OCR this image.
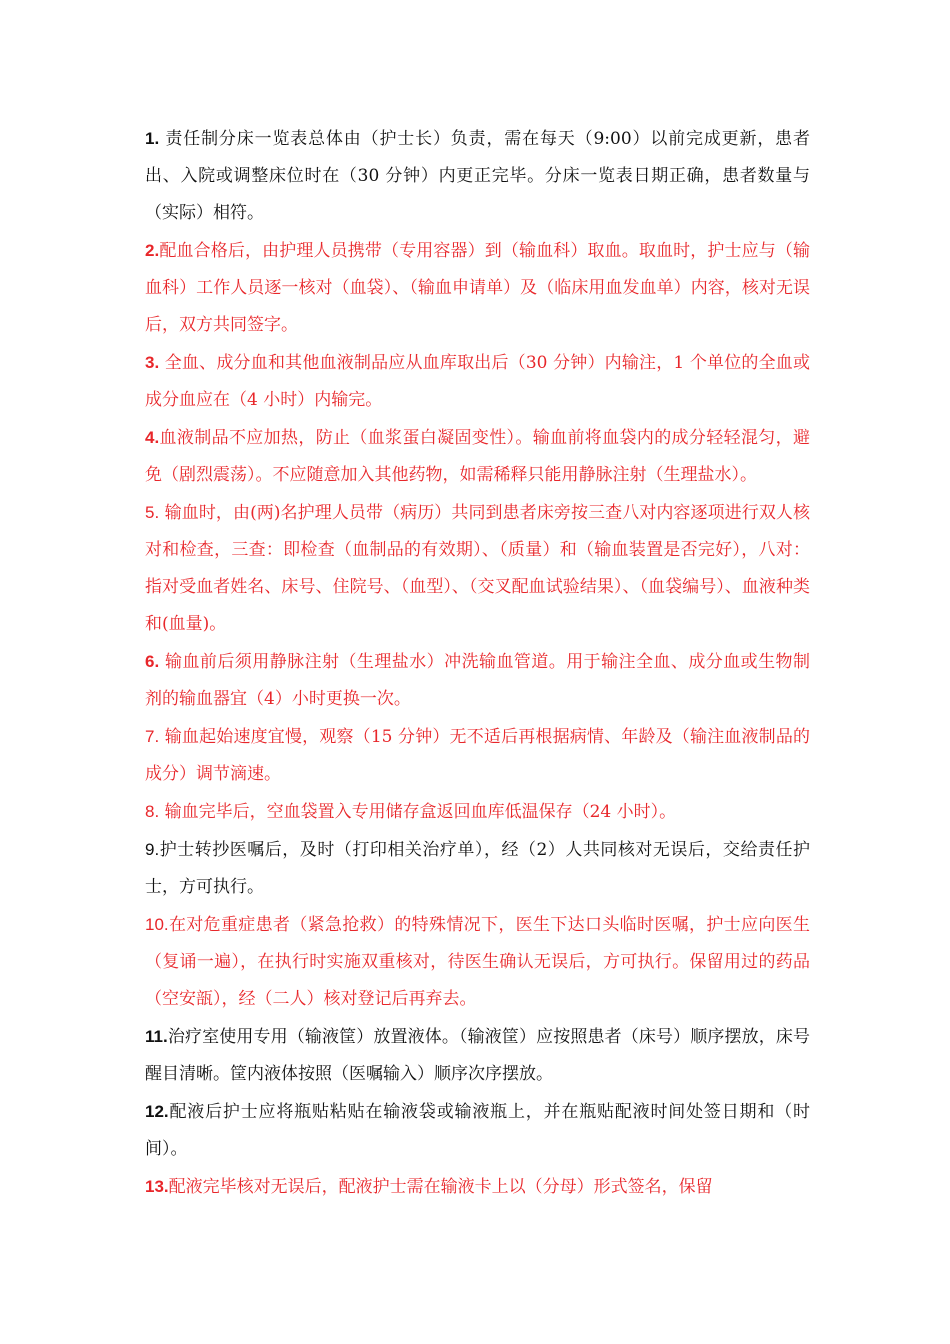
1. 责任制分床一览表总体由（护士长）负责，需在每天（9:00）以前完成更新，患者出、入院或调整床位时在（30 分钟）内更正完毕。分床一览表日期正确，患者数量与（实际）相符。

2.配血合格后，由护理人员携带（专用容器）到（输血科）取血。取血时，护士应与（输血科）工作人员逐一核对（血袋）、（输血申请单）及（临床用血发血单）内容，核对无误后，双方共同签字。

3. 全血、成分血和其他血液制品应从血库取出后（30 分钟）内输注，1 个单位的全血或成分血应在（4 小时）内输完。

4.血液制品不应加热，防止（血浆蛋白凝固变性）。输血前将血袋内的成分轻轻混匀，避免（剧烈震荡）。不应随意加入其他药物，如需稀释只能用静脉注射（生理盐水）。

5. 输血时，由(两)名护理人员带（病历）共同到患者床旁按三查八对内容逐项进行双人核对和检查，三查：即检查（血制品的有效期）、（质量）和（输血装置是否完好），八对：指对受血者姓名、床号、住院号、（血型）、（交叉配血试验结果）、（血袋编号）、血液种类和(血量)。

6. 输血前后须用静脉注射（生理盐水）冲洗输血管道。用于输注全血、成分血或生物制剂的输血器宜（4）小时更换一次。

7. 输血起始速度宜慢，观察（15 分钟）无不适后再根据病情、年龄及（输注血液制品的成分）调节滴速。

8. 输血完毕后，空血袋置入专用储存盒返回血库低温保存（24 小时）。

9.护士转抄医嘱后，及时（打印相关治疗单），经（2）人共同核对无误后，交给责任护士，方可执行。

10.在对危重症患者（紧急抢救）的特殊情况下，医生下达口头临时医嘱，护士应向医生（复诵一遍），在执行时实施双重核对，待医生确认无误后，方可执行。保留用过的药品（空安瓿），经（二人）核对登记后再弃去。

11.治疗室使用专用（输液筐）放置液体。（输液筐）应按照患者（床号）顺序摆放，床号醒目清晰。筐内液体按照（医嘱输入）顺序次序摆放。

12.配液后护士应将瓶贴粘贴在输液袋或输液瓶上，并在瓶贴配液时间处签日期和（时间）。

13.配液完毕核对无误后，配液护士需在输液卡上以（分母）形式签名，保留
